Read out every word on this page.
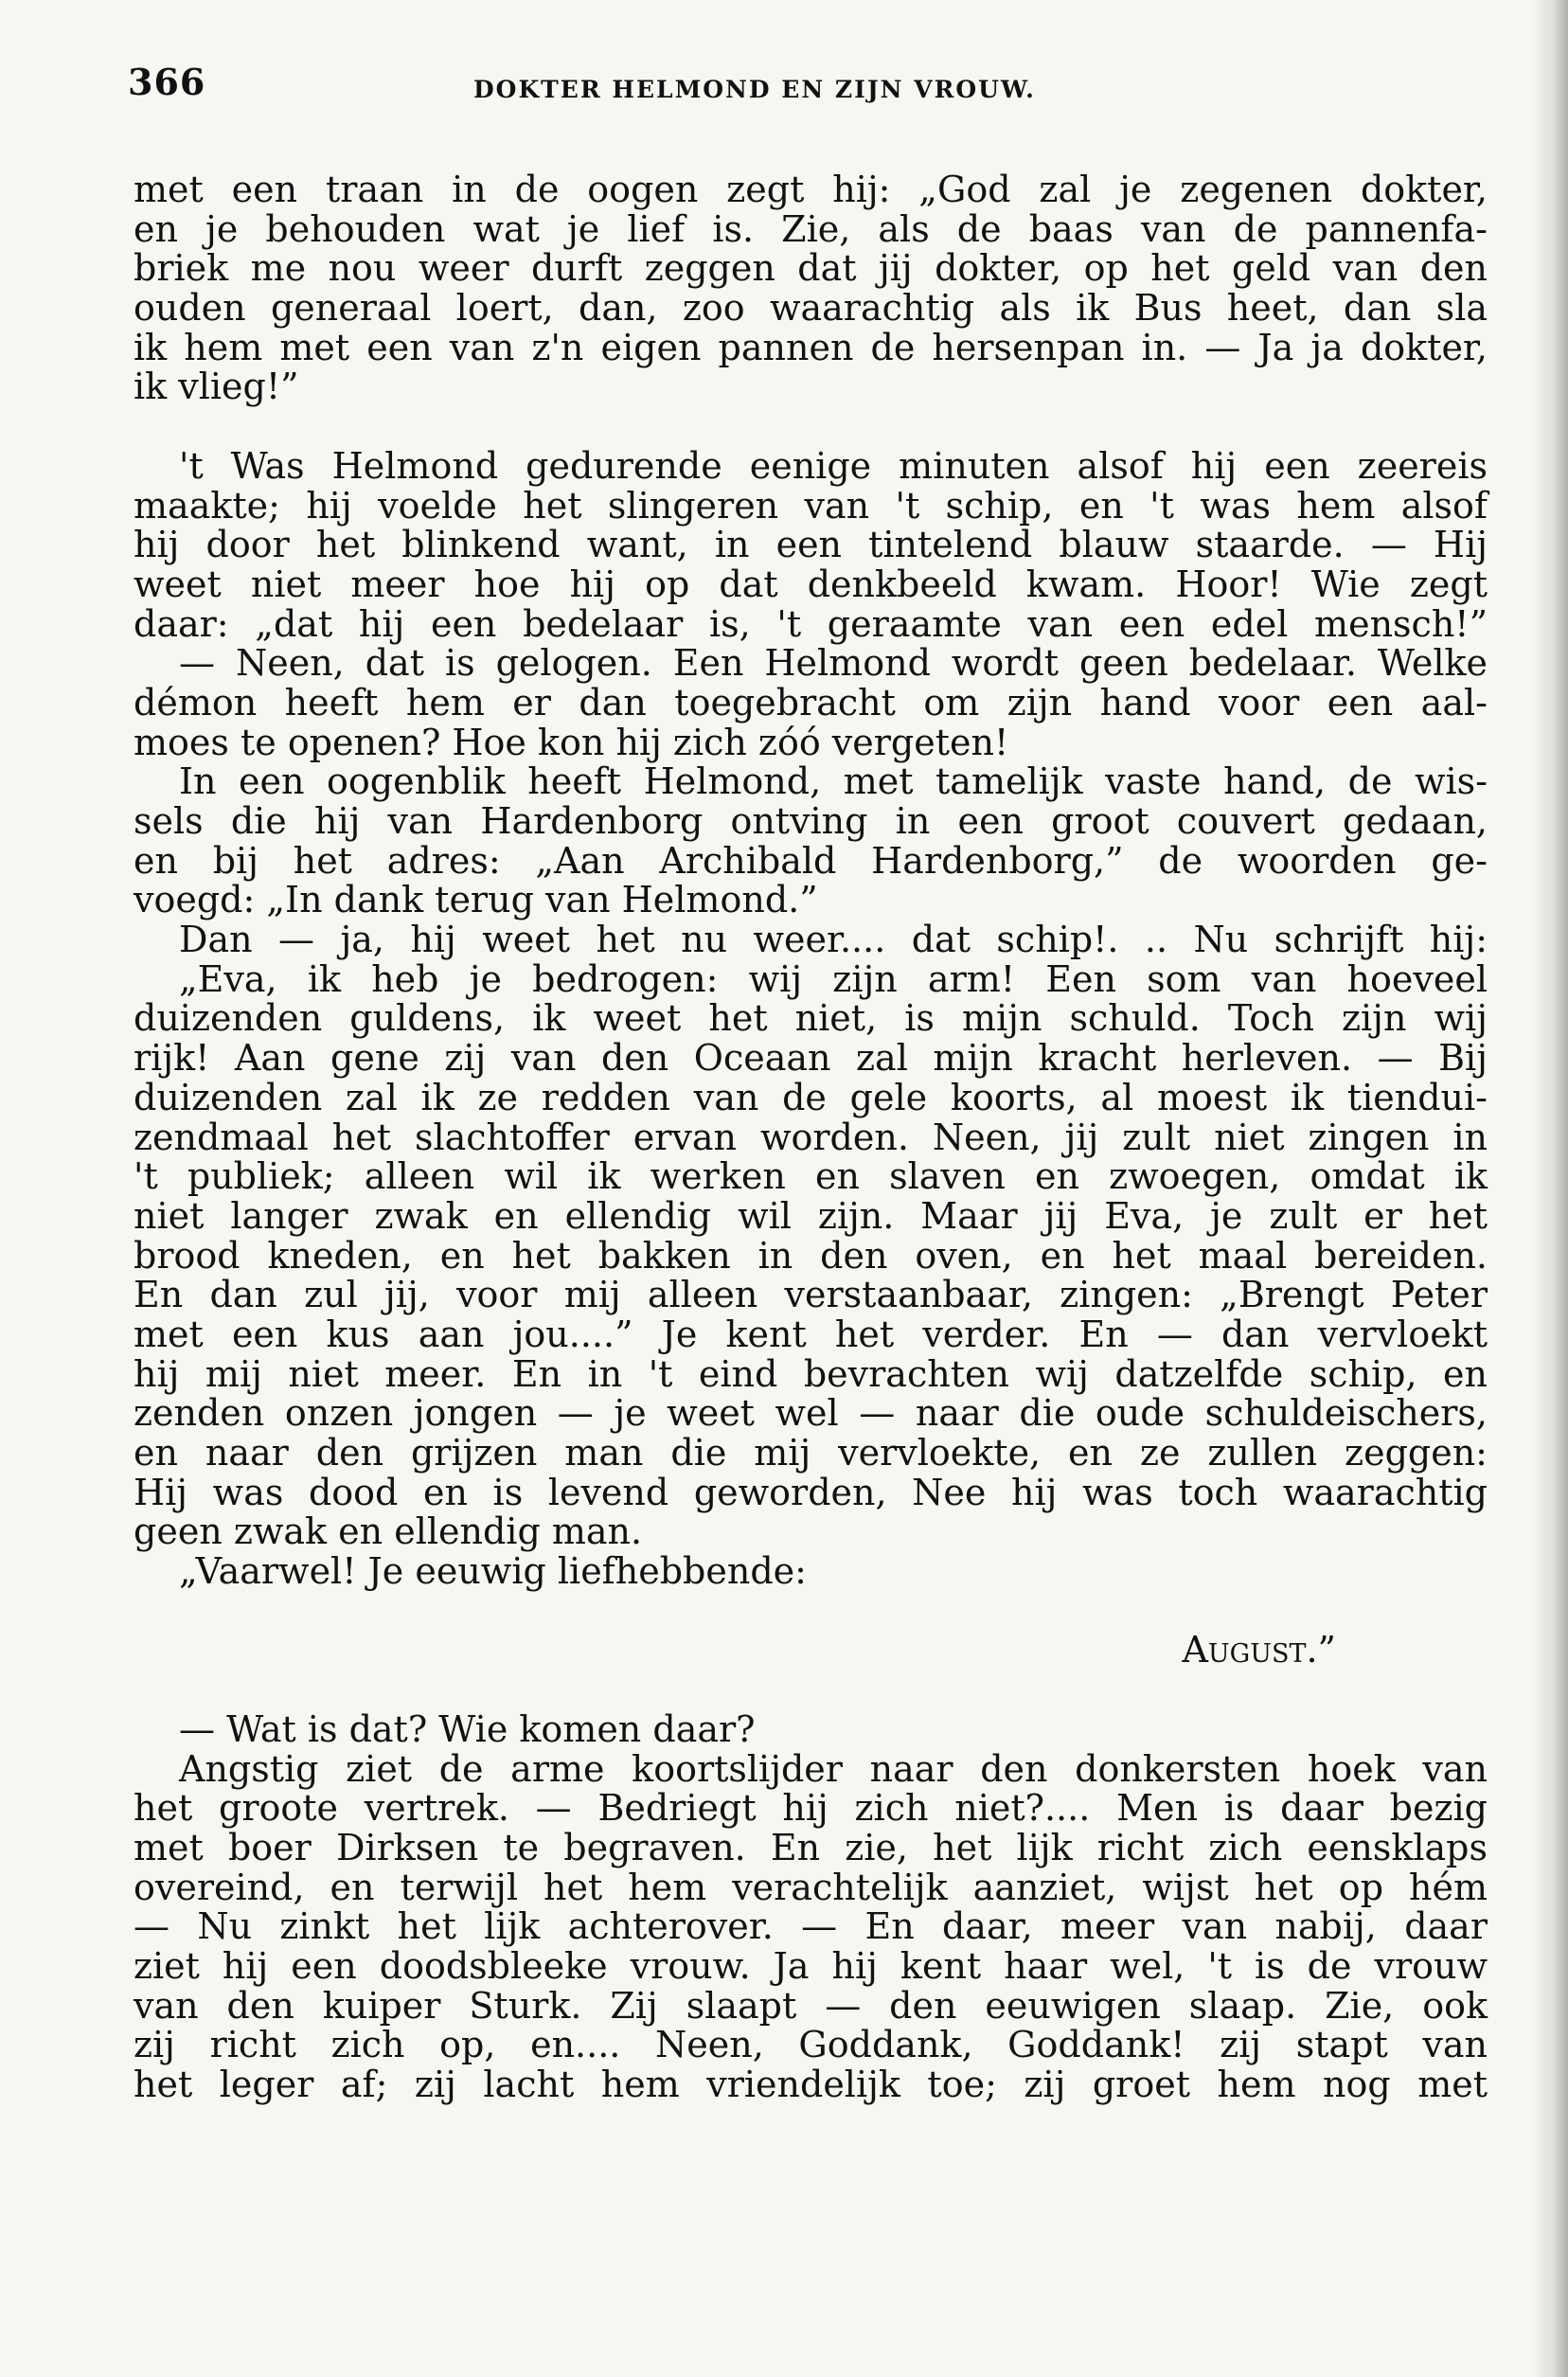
366	DOKTER HELMOND EN ZIJN VROUW.
met een traan in de oogen zegt hij: „God zal je zegenen dokter,
en je behouden wat je lief is. Zie, als de baas van de pannenfa-
briek me nou weer durft zeggen dat jij dokter, op het geld van den
ouden generaal loert, dan, zoo waarachtig als ik Bus heet, dan sla
ik hem met een van z'n eigen pannen de hersenpan in. — Ja ja dokter,
ik vlieg!”
't Was Helmond gedurende eenige minuten alsof hij een zeereis
maakte; hij voelde het slingeren van 't schip, en 't was hem alsof
hij door het blinkend want, in een tintelend blauw staarde. — Hij
weet niet meer hoe hij op dat denkbeeld kwam. Hoor! Wie zegt
daar: „dat hij een bedelaar is, 't geraamte van een edel mensch!”
— Neen, dat is gelogen. Een Helmond wordt geen bedelaar. Welke
démon heeft hem er dan toegebracht om zijn hand voor een aal-
moes te openen? Hoe kon hij zich zóó vergeten!
In een oogenblik heeft Helmond, met tamelijk vaste hand, de wis-
sels die hij van Hardenborg ontving in een groot couvert gedaan,
en bij het adres: „Aan Archibald Hardenborg,” de woorden ge-
voegd: „In dank terug van Helmond.”
Dan — ja, hij weet het nu weer.... dat schip!. .. Nu schrijft hij:
„Eva, ik heb je bedrogen: wij zijn arm! Een som van hoeveel
duizenden guldens, ik weet het niet, is mijn schuld. Toch zijn wij
rijk! Aan gene zij van den Oceaan zal mijn kracht herleven. — Bij
duizenden zal ik ze redden van de gele koorts, al moest ik tiendui-
zendmaal het slachtoffer ervan worden. Neen, jij zult niet zingen in
't publiek; alleen wil ik werken en slaven en zwoegen, omdat ik
niet langer zwak en ellendig wil zijn. Maar jij Eva, je zult er het
brood kneden, en het bakken in den oven, en het maal bereiden.
En dan zul jij, voor mij alleen verstaanbaar, zingen: „Brengt Peter
met een kus aan jou....” Je kent het verder. En — dan vervloekt
hij mij niet meer. En in 't eind bevrachten wij datzelfde schip, en
zenden onzen jongen — je weet wel — naar die oude schuldeischers,
en naar den grijzen man die mij vervloekte, en ze zullen zeggen:
Hij was dood en is levend geworden, Nee hij was toch waarachtig
geen zwak en ellendig man.
„Vaarwel! Je eeuwig liefhebbende:
August.”
— Wat is dat? Wie komen daar?
Angstig ziet de arme koortslijder naar den donkersten hoek van
het groote vertrek. — Bedriegt hij zich niet?.... Men is daar bezig
met boer Dirksen te begraven. En zie, het lijk richt zich eensklaps
overeind, en terwijl het hem verachtelijk aanziet, wijst het op hém
— Nu zinkt het lijk achterover. — En daar, meer van nabij, daar
ziet hij een doodsbleeke vrouw. Ja hij kent haar wel, 't is de vrouw
van den kuiper Sturk. Zij slaapt — den eeuwigen slaap. Zie, ook
zij richt zich op, en.... Neen, Goddank, Goddank! zij stapt van
het leger af; zij lacht hem vriendelijk toe; zij groet hem nog met
